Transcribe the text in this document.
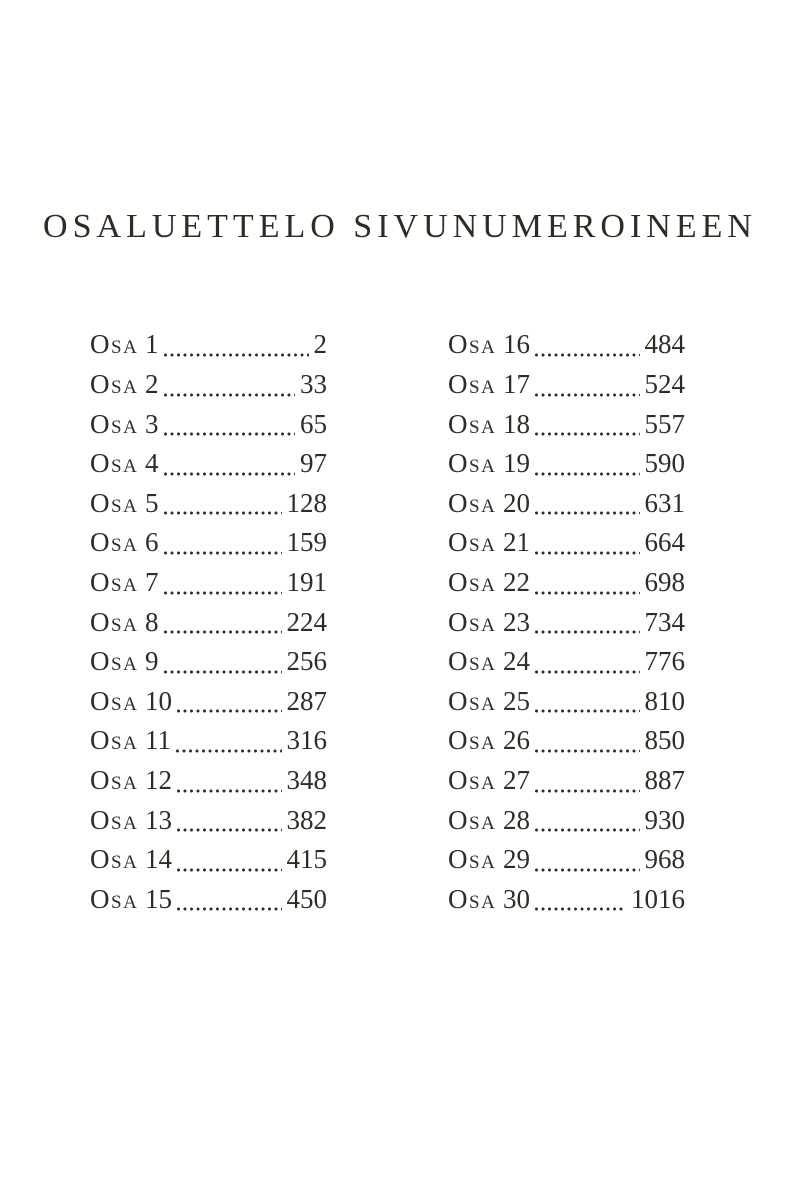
OSALUETTELO SIVUNUMEROINEEN
Osa 1	2
Osa 2	33
Osa 3	65
Osa 4	97
Osa 5	128
Osa 6	159
Osa 7	191
Osa 8	224
Osa 9	256
Osa 10	287
Osa 11	316
Osa 12	348
Osa 13	382
Osa 14	415
Osa 15	450
Osa 16	484
Osa 17	524
Osa 18	557
Osa 19	590
Osa 20	631
Osa 21	664
Osa 22	698
Osa 23	734
Osa 24	776
Osa 25	810
Osa 26	850
Osa 27	887
Osa 28	930
Osa 29	968
Osa 30	1016
